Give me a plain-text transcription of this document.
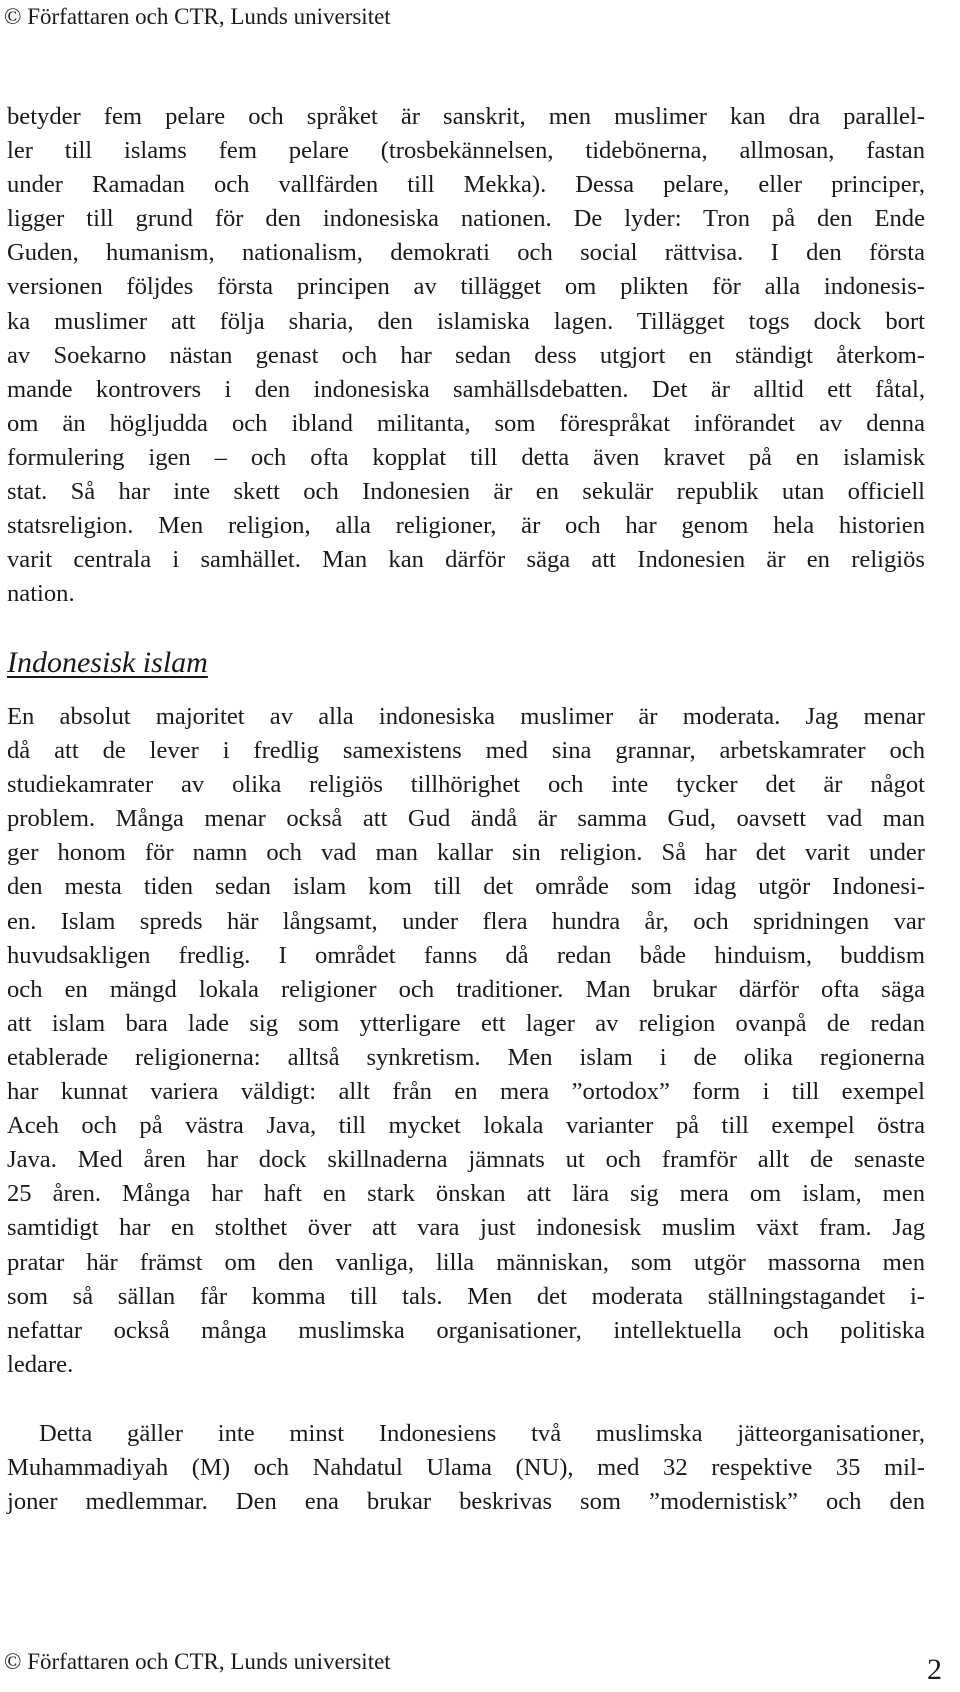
© Författaren och CTR, Lunds universitet
betyder fem pelare och språket är sanskrit, men muslimer kan dra parallel-
ler till islams fem pelare (trosbekännelsen, tidebönerna, allmosan, fastan
under Ramadan och vallfärden till Mekka). Dessa pelare, eller principer,
ligger till grund för den indonesiska nationen. De lyder: Tron på den Ende
Guden, humanism, nationalism, demokrati och social rättvisa. I den första
versionen följdes första principen av tillägget om plikten för alla indonesis-
ka muslimer att följa sharia, den islamiska lagen. Tillägget togs dock bort
av Soekarno nästan genast och har sedan dess utgjort en ständigt återkom-
mande kontrovers i den indonesiska samhällsdebatten. Det är alltid ett fåtal,
om än högljudda och ibland militanta, som förespråkat införandet av denna
formulering igen – och ofta kopplat till detta även kravet på en islamisk
stat. Så har inte skett och Indonesien är en sekulär republik utan officiell
statsreligion. Men religion, alla religioner, är och har genom hela historien
varit centrala i samhället. Man kan därför säga att Indonesien är en religiös
nation.
Indonesisk islam
En absolut majoritet av alla indonesiska muslimer är moderata. Jag menar
då att de lever i fredlig samexistens med sina grannar, arbetskamrater och
studiekamrater av olika religiös tillhörighet och inte tycker det är något
problem. Många menar också att Gud ändå är samma Gud, oavsett vad man
ger honom för namn och vad man kallar sin religion. Så har det varit under
den mesta tiden sedan islam kom till det område som idag utgör Indonesi-
en. Islam spreds här långsamt, under flera hundra år, och spridningen var
huvudsakligen fredlig. I området fanns då redan både hinduism, buddism
och en mängd lokala religioner och traditioner. Man brukar därför ofta säga
att islam bara lade sig som ytterligare ett lager av religion ovanpå de redan
etablerade religionerna: alltså synkretism. Men islam i de olika regionerna
har kunnat variera väldigt: allt från en mera ”ortodox” form i till exempel
Aceh och på västra Java, till mycket lokala varianter på till exempel östra
Java. Med åren har dock skillnaderna jämnats ut och framför allt de senaste
25 åren. Många har haft en stark önskan att lära sig mera om islam, men
samtidigt har en stolthet över att vara just indonesisk muslim växt fram. Jag
pratar här främst om den vanliga, lilla människan, som utgör massorna men
som så sällan får komma till tals. Men det moderata ställningstagandet i-
nefattar också många muslimska organisationer, intellektuella och politiska
ledare.
Detta gäller inte minst Indonesiens två muslimska jätteorganisationer,
Muhammadiyah (M) och Nahdatul Ulama (NU), med 32 respektive 35 mil-
joner medlemmar. Den ena brukar beskrivas som ”modernistisk” och den
© Författaren och CTR, Lunds universitet	2
